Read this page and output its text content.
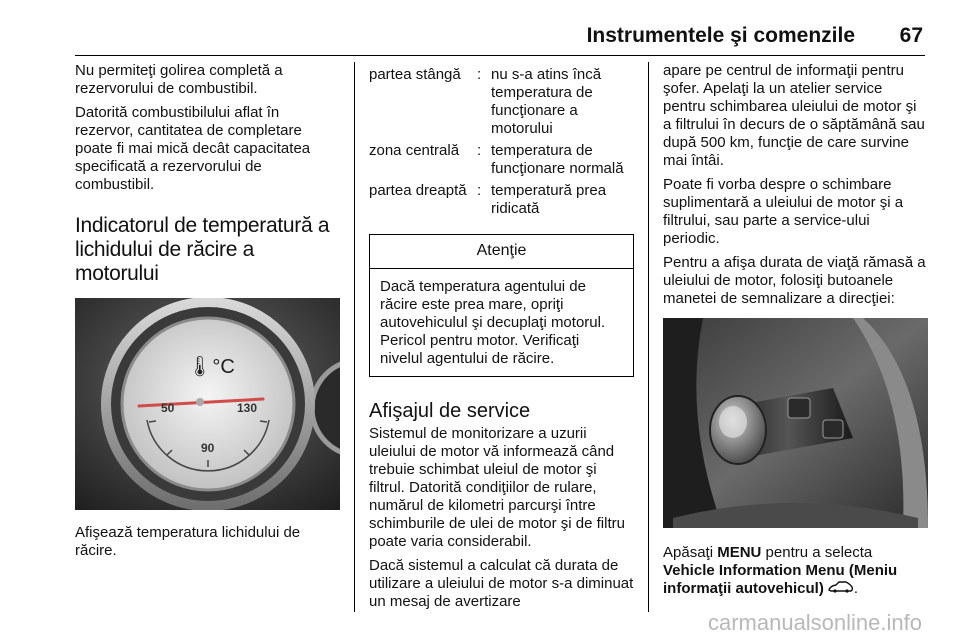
Instrumentele şi comenzile 67

Nu permiteţi golirea completă a rezervorului de combustibil.

Datorită combustibilului aflat în rezervor, cantitatea de completare poate fi mai mică decât capacitatea specificată a rezervorului de combustibil.

Indicatorul de temperatură a lichidului de răcire a motorului
🌡°C
50	130
90

Afişează temperatura lichidului de răcire.

partea stângă	:	nu s-a atins încă temperatura de funcţionare a motorului
zona centrală	:	temperatura de funcţionare normală
partea dreaptă	:	temperatură prea ridicată
Atenţie
Dacă temperatura agentului de răcire este prea mare, opriţi autovehiculul şi decuplaţi motorul. Pericol pentru motor. Verificaţi nivelul agentului de răcire.
Afişajul de service

Sistemul de monitorizare a uzurii uleiului de motor vă informează când trebuie schimbat uleiul de motor şi filtrul. Datorită condiţiilor de rulare, numărul de kilometri parcurşi între schimburile de ulei de motor şi de filtru poate varia considerabil.

Dacă sistemul a calculat că durata de utilizare a uleiului de motor s-a diminuat un mesaj de avertizare

apare pe centrul de informaţii pentru şofer. Apelaţi la un atelier service pentru schimbarea uleiului de motor şi a filtrului în decurs de o săptămână sau după 500 km, funcţie de care survine mai întâi.

Poate fi vorba despre o schimbare suplimentară a uleiului de motor şi a filtrului, sau parte a service-ului periodic.

Pentru a afişa durata de viaţă rămasă a uleiului de motor, folosiţi butoanele manetei de semnalizare a direcţiei:

Apăsaţi MENU pentru a selecta Vehicle Information Menu (Meniu informaţii autovehicul) .

carmanualsonline.info
